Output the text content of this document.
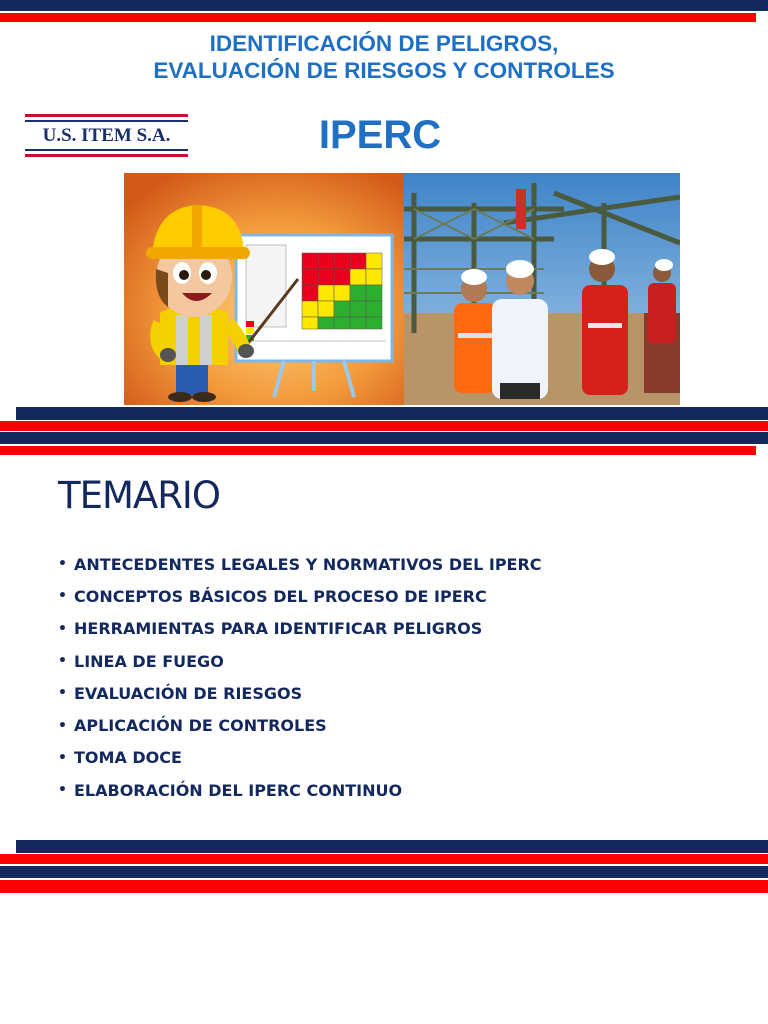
IDENTIFICACIÓN DE PELIGROS,
EVALUACIÓN DE RIESGOS Y CONTROLES
U.S. ITEM S.A.	IPERC
TEMARIO
• ANTECEDENTES LEGALES Y NORMATIVOS DEL IPERC
• CONCEPTOS BÁSICOS DEL PROCESO DE IPERC
• HERRAMIENTAS PARA IDENTIFICAR PELIGROS
• LINEA DE FUEGO
• EVALUACIÓN DE RIESGOS
• APLICACIÓN DE CONTROLES
• TOMA DOCE
• ELABORACIÓN DEL IPERC CONTINUO
